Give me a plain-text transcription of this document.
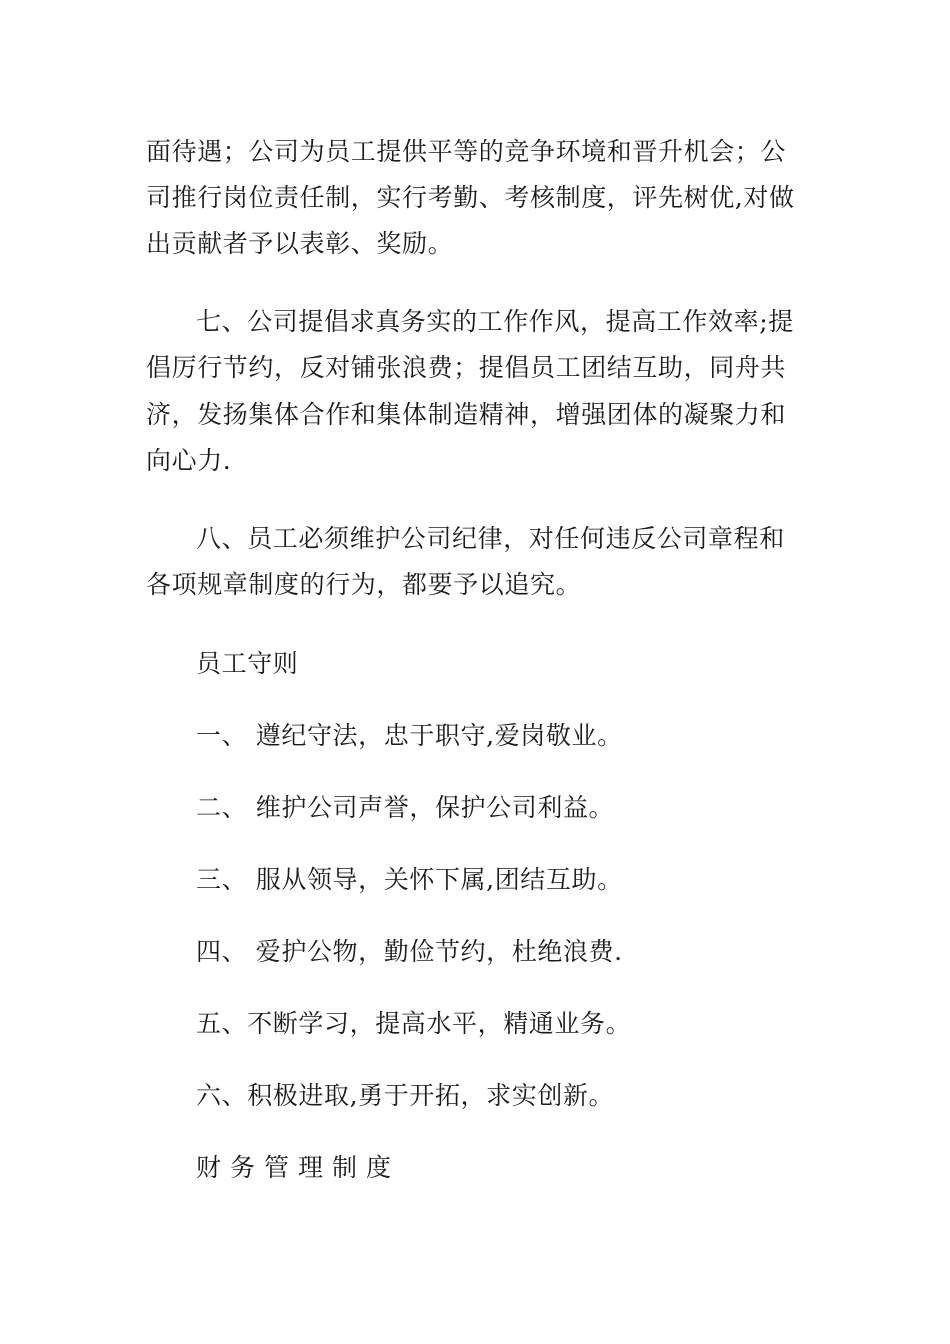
面待遇；公司为员工提供平等的竞争环境和晋升机会；公
司推行岗位责任制，实行考勤、考核制度，评先树优,对做
出贡献者予以表彰、奖励。
七、公司提倡求真务实的工作作风，提高工作效率;提
倡厉行节约，反对铺张浪费；提倡员工团结互助，同舟共
济，发扬集体合作和集体制造精神，增强团体的凝聚力和
向心力.
八、员工必须维护公司纪律，对任何违反公司章程和
各项规章制度的行为，都要予以追究。
员工守则
一、 遵纪守法，忠于职守,爱岗敬业。
二、 维护公司声誉，保护公司利益。
三、 服从领导，关怀下属,团结互助。
四、 爱护公物，勤俭节约，杜绝浪费.
五、不断学习，提高水平，精通业务。
六、积极进取,勇于开拓，求实创新。
财务管理制度
